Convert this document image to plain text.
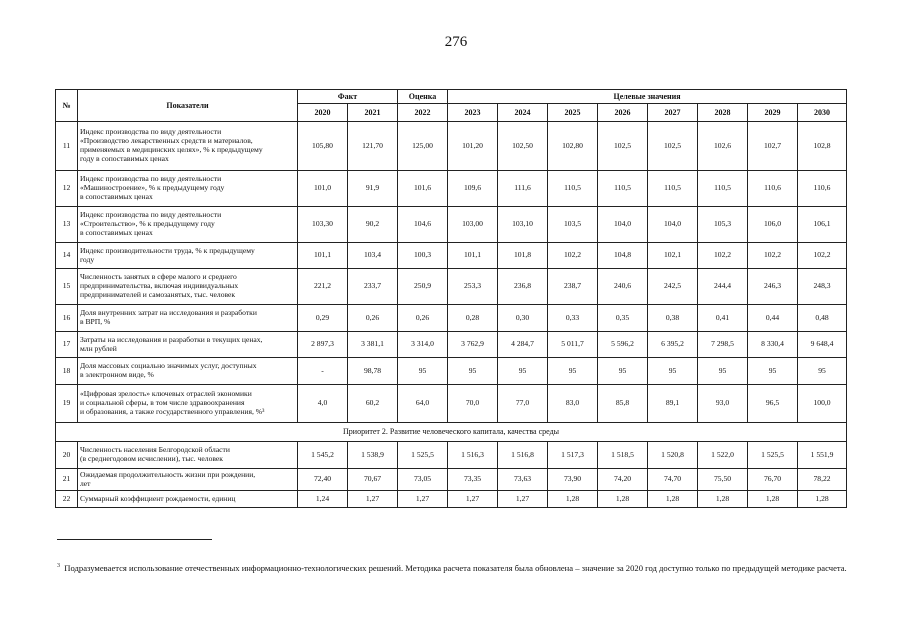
276
№	Показатели	Факт		Оценка	Целевые значения							
		2020	2021	2022	2023	2024	2025	2026	2027	2028	2029	2030
11	Индекс производства по виду деятельности
«Производство лекарственных средств и материалов,
применяемых в медицинских целях», % к предыдущему
году в сопоставимых ценах	105,80	121,70	125,00	101,20	102,50	102,80	102,5	102,5	102,6	102,7	102,8
12	Индекс производства по виду деятельности
«Машиностроение», % к предыдущему году
в сопоставимых ценах	101,0	91,9	101,6	109,6	111,6	110,5	110,5	110,5	110,5	110,6	110,6
13	Индекс производства по виду деятельности
«Строительство», % к предыдущему году
в сопоставимых ценах	103,30	90,2	104,6	103,00	103,10	103,5	104,0	104,0	105,3	106,0	106,1
14	Индекс производительности труда, % к предыдущему
году	101,1	103,4	100,3	101,1	101,8	102,2	104,8	102,1	102,2	102,2	102,2
15	Численность занятых в сфере малого и среднего
предпринимательства, включая индивидуальных
предпринимателей и самозанятых, тыс. человек	221,2	233,7	250,9	253,3	236,8	238,7	240,6	242,5	244,4	246,3	248,3
16	Доля внутренних затрат на исследования и разработки
в ВРП, %	0,29	0,26	0,26	0,28	0,30	0,33	0,35	0,38	0,41	0,44	0,48
17	Затраты на исследования и разработки в текущих ценах,
млн рублей	2 897,3	3 381,1	3 314,0	3 762,9	4 284,7	5 011,7	5 596,2	6 395,2	7 298,5	8 330,4	9 648,4
18	Доля массовых социально значимых услуг, доступных
в электронном виде, %	-	98,78	95	95	95	95	95	95	95	95	95
19	«Цифровая зрелость» ключевых отраслей экономики
и социальной сферы, в том числе здравоохранения
и образования, а также государственного управления, %³	4,0	60,2	64,0	70,0	77,0	83,0	85,8	89,1	93,0	96,5	100,0
Приоритет 2. Развитие человеческого капитала, качества среды												
20	Численность населения Белгородской области
(в среднегодовом исчислении), тыс. человек	1 545,2	1 538,9	1 525,5	1 516,3	1 516,8	1 517,3	1 518,5	1 520,8	1 522,0	1 525,5	1 551,9
21	Ожидаемая продолжительность жизни при рождении,
лет	72,40	70,67	73,05	73,35	73,63	73,90	74,20	74,70	75,50	76,70	78,22
22	Суммарный коэффициент рождаемости, единиц	1,24	1,27	1,27	1,27	1,27	1,28	1,28	1,28	1,28	1,28	1,28
$^3$ Подразумевается использование отечественных информационно-технологических решений. Методика расчета показателя была обновлена – значение за 2020 год доступно только по предыдущей методике расчета.
